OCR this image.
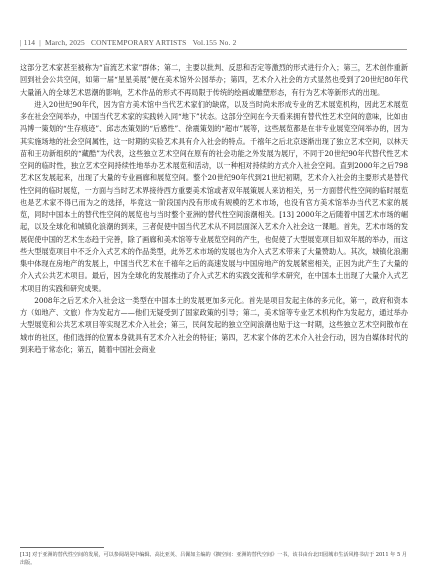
| 114 | March, 2025 CONTEMPORARY ARTISTS Vol.155 No. 2

这部分艺术家甚至被称为“盲流艺术家”群体；第二，主要以批判、反思和否定等激烈的形式进行介入；第三，艺术创作重新回到社会公共空间，如第一届“星星美展”便在美术馆外公园举办；第四，艺术介入社会的方式显然也受到了20世纪80年代大量涌入的全球艺术思潮的影响，艺术作品的形式不再局限于传统的绘画或雕塑形态，有行为艺术等新形式的出现。

进入20世纪90年代，因为官方美术馆中当代艺术家们的缺席，以及当时尚未形成专业的艺术展览机构，因此艺术展览多在社会空间举办，中国当代艺术家的实践转入同“地下”状态。这部分空间在今天看来拥有替代性艺术空间的意味，比如由冯博一策划的“生存痕迹”、邱志杰策划的“后感性”、徐震策划的“超市”展等，这些展览都是在非专业展览空间举办的，因为其实施场地的社会空间属性，这一时期的实验艺术具有介入社会的特点。千禧年之后北京逐渐出现了独立艺术空间，以林天苗和王功新组织的“藏酷”为代表，这些独立艺术空间在原有的社会功能之外发展为展厅，不同于20世纪90年代替代性艺术空间的临时性，独立艺术空间持续性地举办艺术展览和活动，以一种相对持续的方式介入社会空间。直到2000年之后798艺术区发展起来，出现了大量的专业画廊和展览空间。整个20世纪90年代到21世纪初期，艺术介入社会的主要形式是替代性空间的临时展览，一方面与当时艺术界接待西方重要美术馆或者双年展策展人来访相关，另一方面替代性空间的临时展览也是艺术家不得已而为之的选择，毕竟这一阶段国内没有形成有规模的艺术市场，也没有官方美术馆举办当代艺术家的展览，同时中国本土的替代性空间的展览也与当时整个亚洲的替代性空间浪潮相关。[13] 2000年之后随着中国艺术市场的崛起，以及全球化和城镇化浪潮的到来，三者促使中国当代艺术从不同层面深入艺术介入社会这一课题。首先，艺术市场的发展促使中国的艺术生态趋于完善，除了画廊和美术馆等专业展览空间的产生，也促使了大型展览项目如双年展的举办，而这些大型展览项目中不乏介入式艺术的作品类型，此外艺术市场的发展也为介入式艺术带来了大量赞助人。其次，城镇化浪潮集中体现在房地产的发展上，中国当代艺术在千禧年之后的高速发展与中国房地产的发展紧密相关，正因为此产生了大量的介入式公共艺术项目。最后，因为全球化的发展推动了介入式艺术的实践交流和学术研究，在中国本土出现了大量介入式艺术项目的实践和研究成果。

2008年之后艺术介入社会这一类型在中国本土的发展更加多元化。首先是项目发起主体的多元化，第一，政府和资本方（如地产、文旅）作为发起方——他们无疑受到了国家政策的引导；第二，美术馆等专业艺术机构作为发起方，通过举办大型展览和公共艺术项目等实现艺术介入社会；第三，民间发起的独立空间浪潮也贴于这一时期，这些独立艺术空间散布在城市的社区，他们选择的位置本身就具有艺术介入社会的特征；第四，艺术家个体的艺术介入社会行动，因为自媒体时代的到来趋于常态化；第五，随着中国社会商业

[13] 对于亚洲的替代性空间的发展，可以参阅胡昊中编辑、高比亚英、吕佩如主编的《搁空间：亚洲的替代空间》一书，该书由台北田园城市生活风格书店于 2011 年 5 月出版。
